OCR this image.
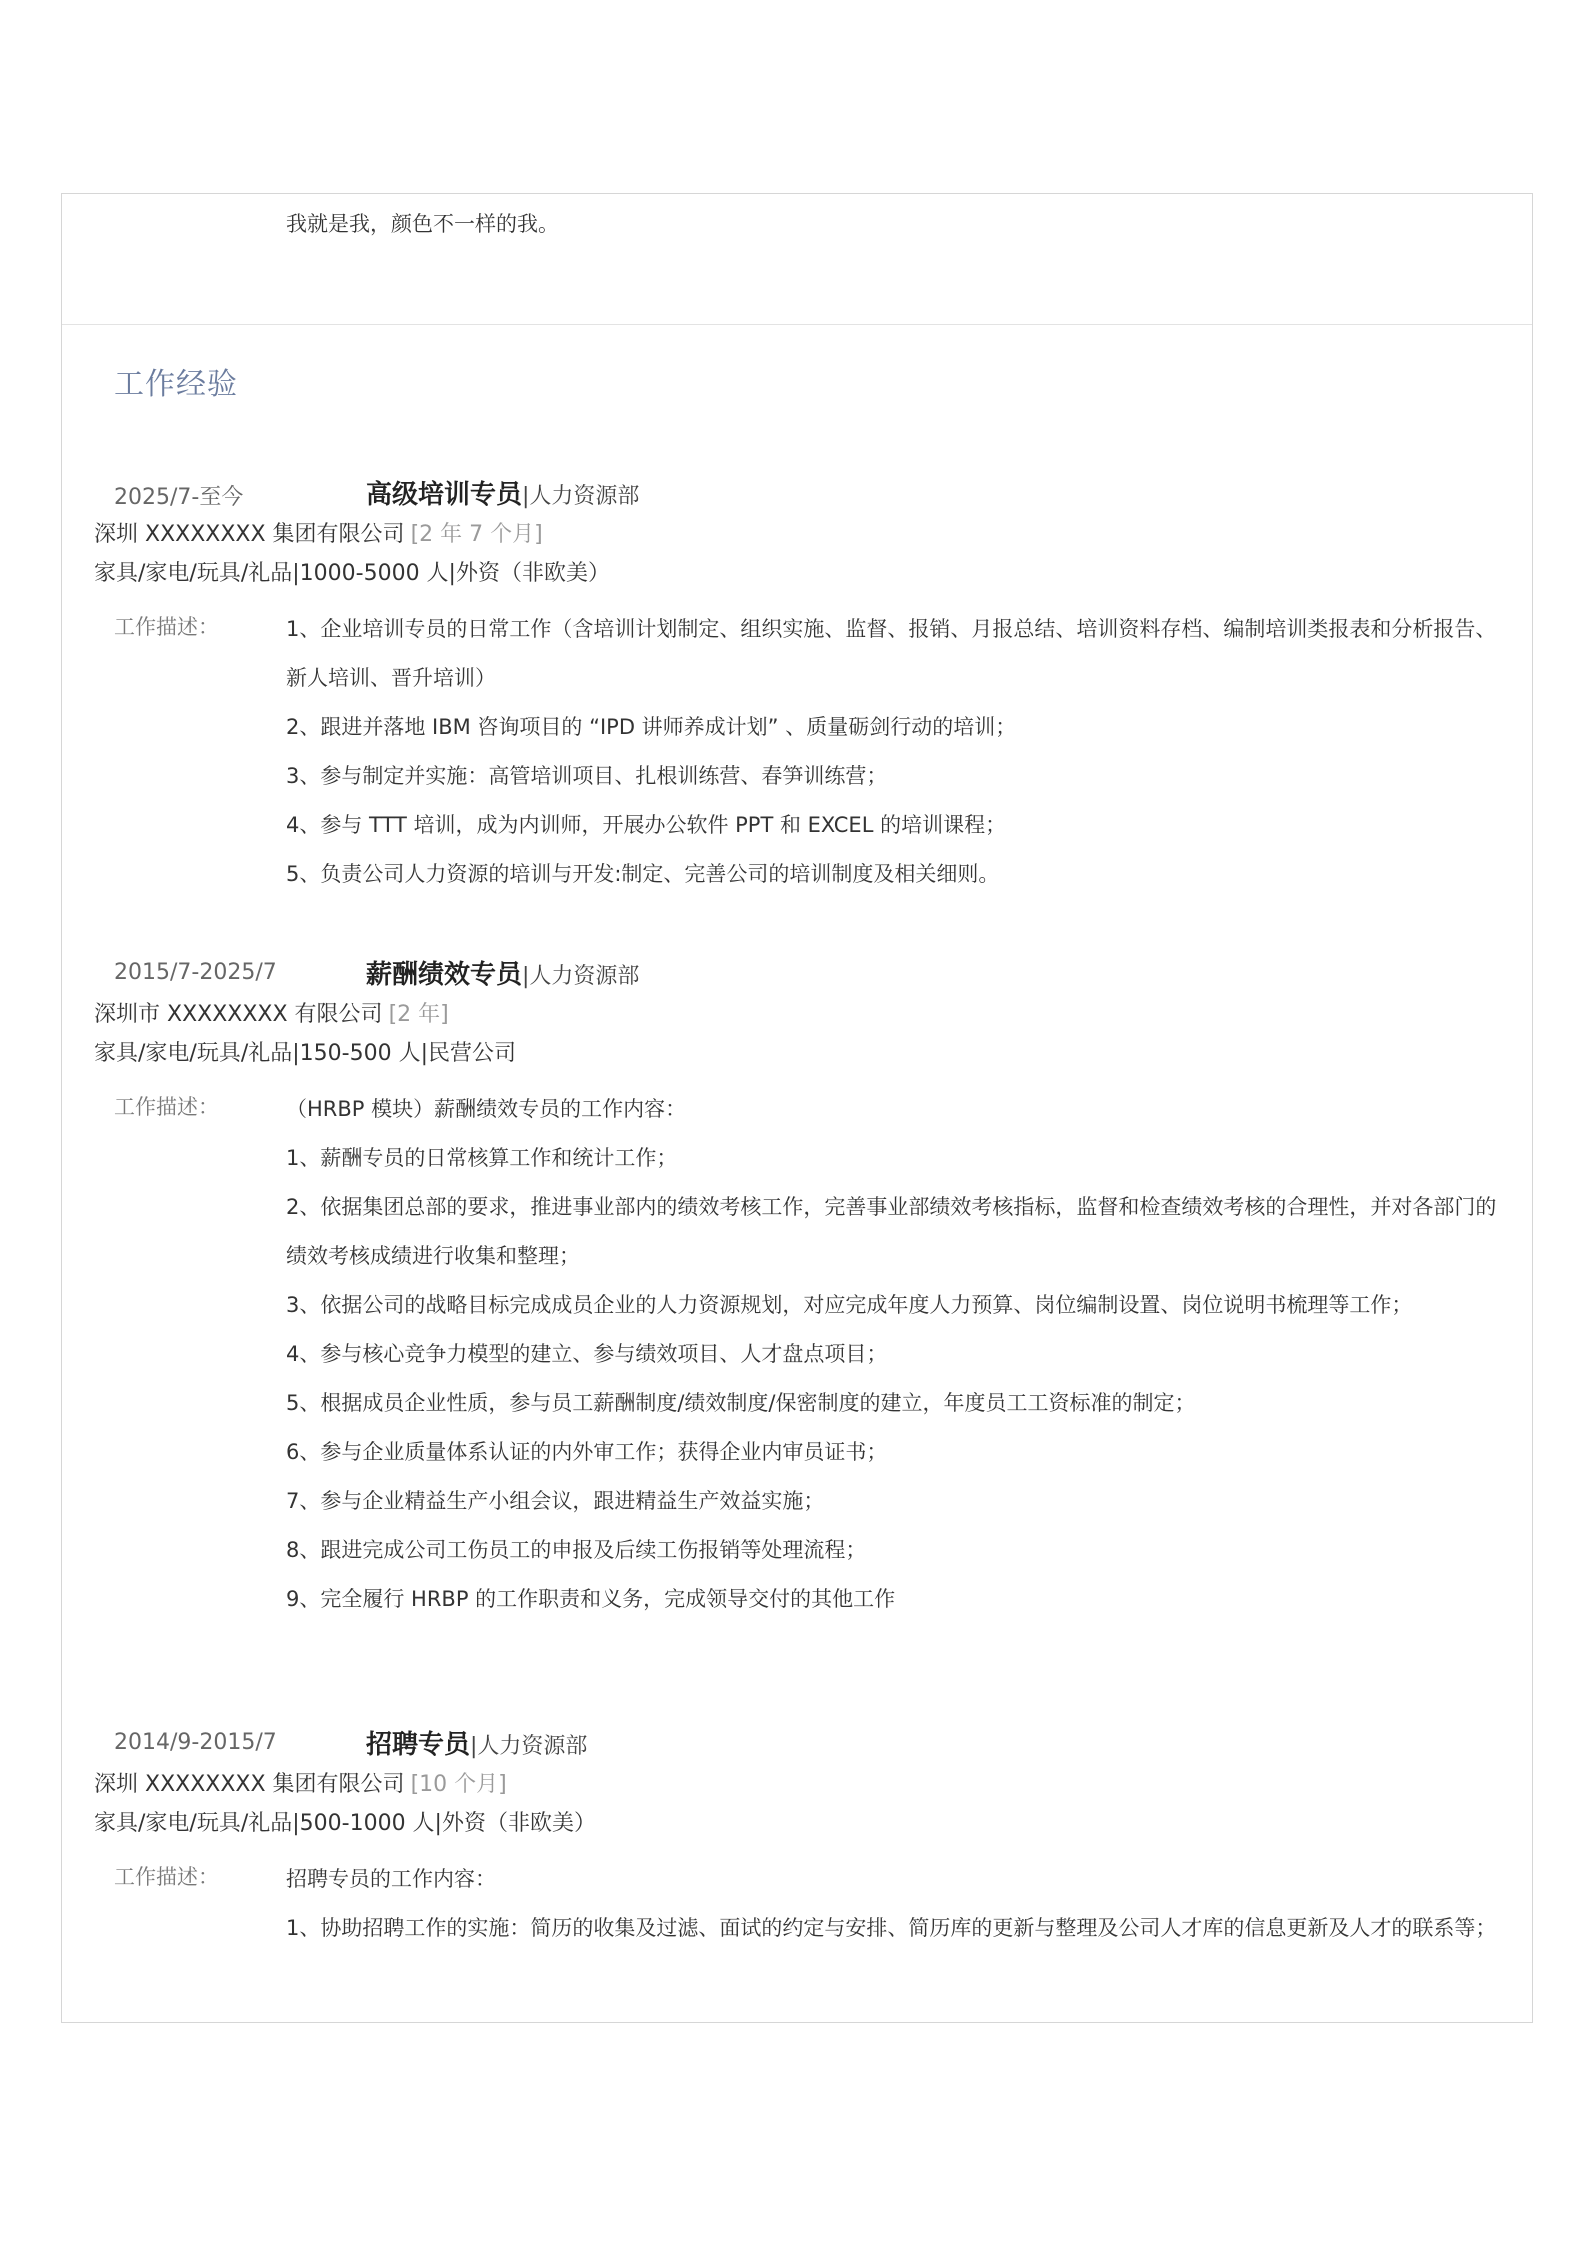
我就是我，颜色不一样的我。
工作经验
2025/7-至今	高级培训专员|人力资源部
深圳 XXXXXXXX 集团有限公司 [2 年 7 个月]
家具/家电/玩具/礼品|1000-5000 人|外资（非欧美）
工作描述：	1、企业培训专员的日常工作（含培训计划制定、组织实施、监督、报销、月报总结、培训资料存档、编制培训类报表和分析报告、新人培训、晋升培训）
2、跟进并落地 IBM 咨询项目的 “IPD 讲师养成计划” 、质量砺剑行动的培训；
3、参与制定并实施：高管培训项目、扎根训练营、春笋训练营；
4、参与 TTT 培训，成为内训师，开展办公软件 PPT 和 EXCEL 的培训课程；
5、负责公司人力资源的培训与开发:制定、完善公司的培训制度及相关细则。
2015/7-2025/7	薪酬绩效专员|人力资源部
深圳市 XXXXXXXX 有限公司 [2 年]
家具/家电/玩具/礼品|150-500 人|民营公司
工作描述：	（HRBP 模块）薪酬绩效专员的工作内容：
1、薪酬专员的日常核算工作和统计工作；
2、依据集团总部的要求，推进事业部内的绩效考核工作，完善事业部绩效考核指标，监督和检查绩效考核的合理性，并对各部门的绩效考核成绩进行收集和整理；
3、依据公司的战略目标完成成员企业的人力资源规划，对应完成年度人力预算、岗位编制设置、岗位说明书梳理等工作；
4、参与核心竞争力模型的建立、参与绩效项目、人才盘点项目；
5、根据成员企业性质，参与员工薪酬制度/绩效制度/保密制度的建立，年度员工工资标准的制定；
6、参与企业质量体系认证的内外审工作；获得企业内审员证书；
7、参与企业精益生产小组会议，跟进精益生产效益实施；
8、跟进完成公司工伤员工的申报及后续工伤报销等处理流程；
9、完全履行 HRBP 的工作职责和义务，完成领导交付的其他工作
2014/9-2015/7	招聘专员|人力资源部
深圳 XXXXXXXX 集团有限公司 [10 个月]
家具/家电/玩具/礼品|500-1000 人|外资（非欧美）
工作描述：	招聘专员的工作内容：
1、协助招聘工作的实施：简历的收集及过滤、面试的约定与安排、简历库的更新与整理及公司人才库的信息更新及人才的联系等；
